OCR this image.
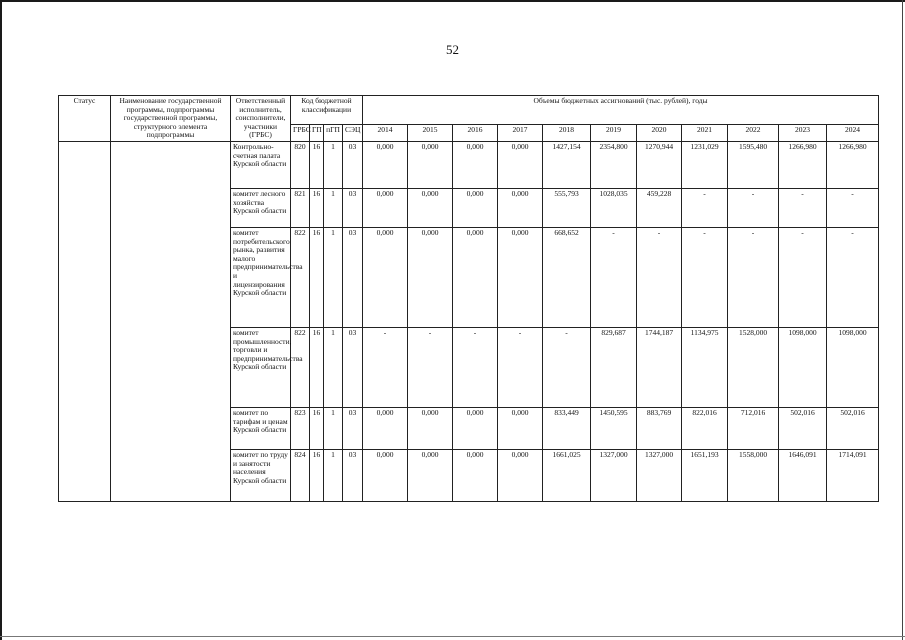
52
Статус	Наименование государственной программы, подпрограммы государственной программы, структурного элемента подпрограммы	Ответственный исполнитель, соисполнители, участники (ГРБС)	Код бюджетной классификации				Объемы бюджетных ассигнований (тыс. рублей), годы										
			ГРБС	ГП	пГП	СЭЦ	2014	2015	2016	2017	2018	2019	2020	2021	2022	2023	2024
		Контрольно-счетная палата Курской области	820	16	1	03	0,000	0,000	0,000	0,000	1427,154	2354,800	1270,944	1231,029	1595,480	1266,980	1266,980
		комитет лесного хозяйства Курской области	821	16	1	03	0,000	0,000	0,000	0,000	555,793	1028,035	459,228	-	-	-	-
		комитет потребительского рынка, развития малого предпринимательства и лицензирования Курской области	822	16	1	03	0,000	0,000	0,000	0,000	668,652	-	-	-	-	-	-
		комитет промышленности, торговли и предпринимательства Курской области	822	16	1	03	-	-	-	-	-	829,687	1744,187	1134,975	1528,000	1098,000	1098,000
		комитет по тарифам и ценам Курской области	823	16	1	03	0,000	0,000	0,000	0,000	833,449	1450,595	883,769	822,016	712,016	502,016	502,016
		комитет по труду и занятости населения Курской области	824	16	1	03	0,000	0,000	0,000	0,000	1661,025	1327,000	1327,000	1651,193	1558,000	1646,091	1714,091
